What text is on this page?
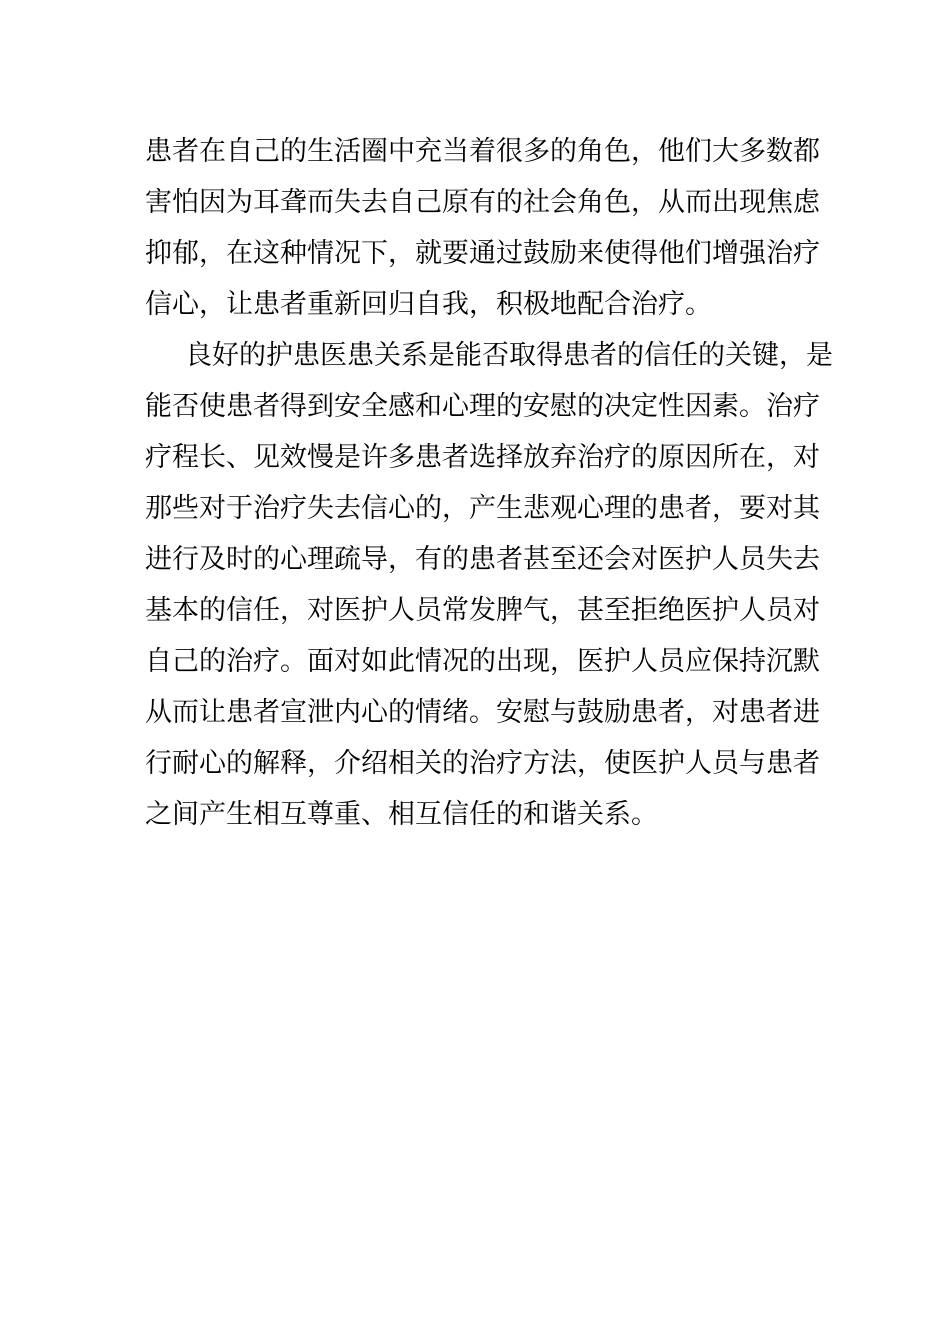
患者在自己的生活圈中充当着很多的角色，他们大多数都
害怕因为耳聋而失去自己原有的社会角色，从而出现焦虑
抑郁，在这种情况下，就要通过鼓励来使得他们增强治疗
信心，让患者重新回归自我，积极地配合治疗。
良好的护患医患关系是能否取得患者的信任的关键，是
能否使患者得到安全感和心理的安慰的决定性因素。治疗
疗程长、见效慢是许多患者选择放弃治疗的原因所在，对
那些对于治疗失去信心的，产生悲观心理的患者，要对其
进行及时的心理疏导，有的患者甚至还会对医护人员失去
基本的信任，对医护人员常发脾气，甚至拒绝医护人员对
自己的治疗。面对如此情况的出现，医护人员应保持沉默
从而让患者宣泄内心的情绪。安慰与鼓励患者，对患者进
行耐心的解释，介绍相关的治疗方法，使医护人员与患者
之间产生相互尊重、相互信任的和谐关系。
